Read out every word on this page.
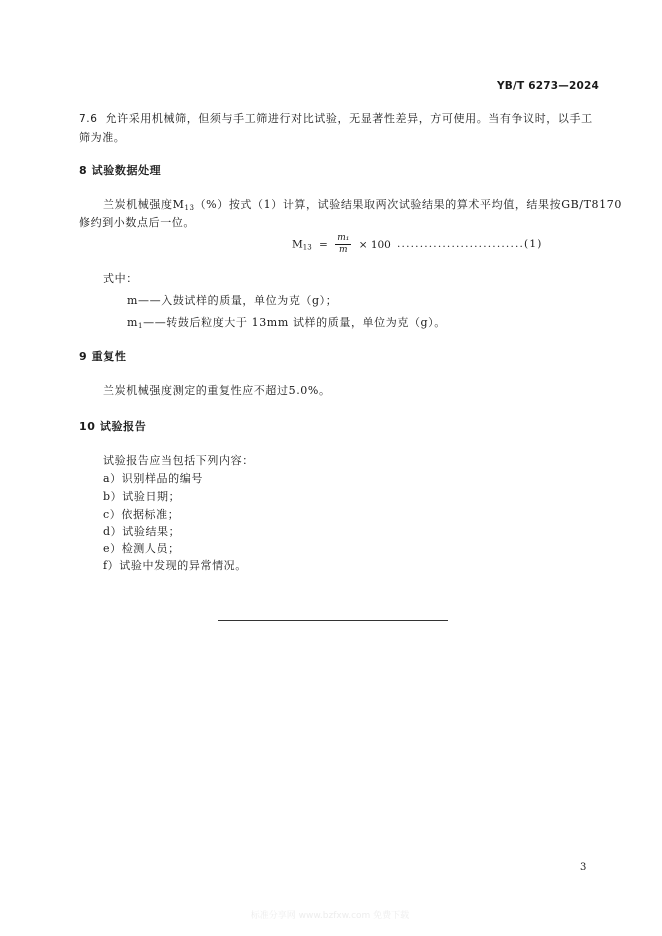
YB/T 6273—2024
7.6 允许采用机械筛，但须与手工筛进行对比试验，无显著性差异，方可使用。当有争议时，以手工
筛为准。
8 试验数据处理
兰炭机械强度$M_{13}(\%)$按式（1）计算，试验结果取两次试验结果的算术平均值，结果按GB/T8170
修约到小数点后一位。
$M_{13} = \frac{\text{m₁}}{m} \times 100$ ............................(1)
式中：
m——入鼓试样的质量，单位为克（g）；
$m_1——$转鼓后粒度大于 13mm 试样的质量，单位为克（g）。
9 重复性
兰炭机械强度测定的重复性应不超过5.0%。
10 试验报告
试验报告应当包括下列内容：
a）识别样品的编号
b）试验日期；
c）依据标准；
d）试验结果；
e）检测人员；
f）试验中发现的异常情况。
3
标准分享网 www.bzfxw.com 免费下载
